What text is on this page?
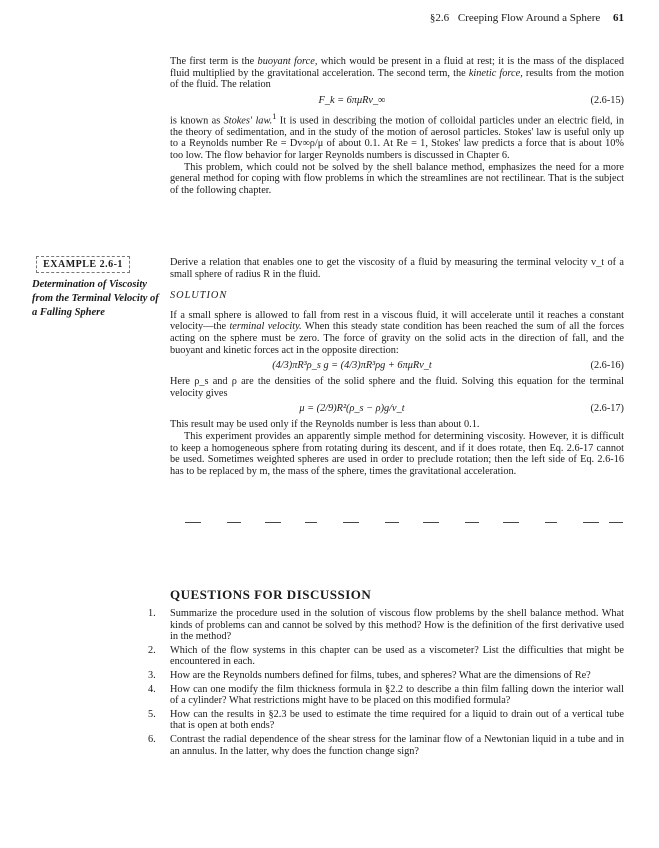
§2.6 Creeping Flow Around a Sphere 61

The first term is the buoyant force, which would be present in a fluid at rest; it is the mass of the displaced fluid multiplied by the gravitational acceleration. The second term, the kinetic force, results from the motion of the fluid. The relation

F_k = 6πμRv_∞	(2.6-15)

is known as Stokes' law.$^1$ It is used in describing the motion of colloidal particles under an electric field, in the theory of sedimentation, and in the study of the motion of aerosol particles. Stokes' law is useful only up to a Reynolds number Re = Dv∞ρ/μ of about 0.1. At Re = 1, Stokes' law predicts a force that is about 10% too low. The flow behavior for larger Reynolds numbers is discussed in Chapter 6.

This problem, which could not be solved by the shell balance method, emphasizes the need for a more general method for coping with flow problems in which the streamlines are not rectilinear. That is the subject of the following chapter.

EXAMPLE 2.6-1
Determination of Viscosity from the Terminal Velocity of a Falling Sphere

Derive a relation that enables one to get the viscosity of a fluid by measuring the terminal velocity v_t of a small sphere of radius R in the fluid.

SOLUTION

If a small sphere is allowed to fall from rest in a viscous fluid, it will accelerate until it reaches a constant velocity—the terminal velocity. When this steady state condition has been reached the sum of all the forces acting on the sphere must be zero. The force of gravity on the solid acts in the direction of fall, and the buoyant and kinetic forces act in the opposite direction:

(4/3)πR³ρ_s g = (4/3)πR³ρg + 6πμRv_t	(2.6-16)

Here ρ_s and ρ are the densities of the solid sphere and the fluid. Solving this equation for the terminal velocity gives

μ = (2/9)R²(ρ_s − ρ)g/v_t	(2.6-17)

This result may be used only if the Reynolds number is less than about 0.1.

This experiment provides an apparently simple method for determining viscosity. However, it is difficult to keep a homogeneous sphere from rotating during its descent, and if it does rotate, then Eq. 2.6-17 cannot be used. Sometimes weighted spheres are used in order to preclude rotation; then the left side of Eq. 2.6-16 has to be replaced by m, the mass of the sphere, times the gravitational acceleration.

QUESTIONS FOR DISCUSSION
1. Summarize the procedure used in the solution of viscous flow problems by the shell balance method. What kinds of problems can and cannot be solved by this method? How is the definition of the first derivative used in the method?
2. Which of the flow systems in this chapter can be used as a viscometer? List the difficulties that might be encountered in each.
3. How are the Reynolds numbers defined for films, tubes, and spheres? What are the dimensions of Re?
4. How can one modify the film thickness formula in §2.2 to describe a thin film falling down the interior wall of a cylinder? What restrictions might have to be placed on this modified formula?
5. How can the results in §2.3 be used to estimate the time required for a liquid to drain out of a vertical tube that is open at both ends?
6. Contrast the radial dependence of the shear stress for the laminar flow of a Newtonian liquid in a tube and in an annulus. In the latter, why does the function change sign?
